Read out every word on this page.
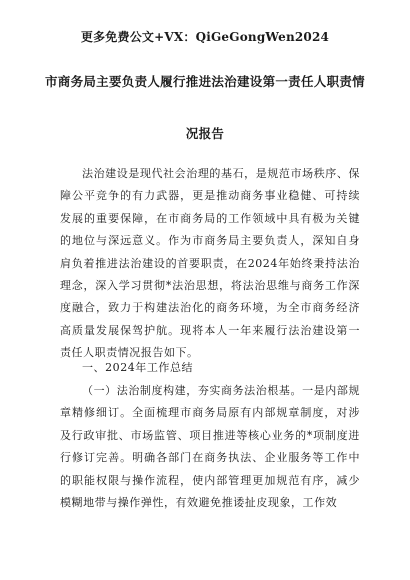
更多免费公文+VX：QiGeGongWen2024
市商务局主要负责人履行推进法治建设第一责任人职责情
况报告

法治建设是现代社会治理的基石，是规范市场秩序、保障公平竞争的有力武器，更是推动商务事业稳健、可持续发展的重要保障，在市商务局的工作领域中具有极为关键的地位与深远意义。作为市商务局主要负责人，深知自身肩负着推进法治建设的首要职责，在2024年始终秉持法治理念，深入学习贯彻*法治思想，将法治思维与商务工作深度融合，致力于构建法治化的商务环境，为全市商务经济高质量发展保驾护航。现将本人一年来履行法治建设第一责任人职责情况报告如下。

一、2024年工作总结

（一）法治制度构建，夯实商务法治根基。一是内部规章精修细订。全面梳理市商务局原有内部规章制度，对涉及行政审批、市场监管、项目推进等核心业务的*项制度进行修订完善。明确各部门在商务执法、企业服务等工作中的职能权限与操作流程，使内部管理更加规范有序，减少模糊地带与操作弹性，有效避免推诿扯皮现象，工作效
